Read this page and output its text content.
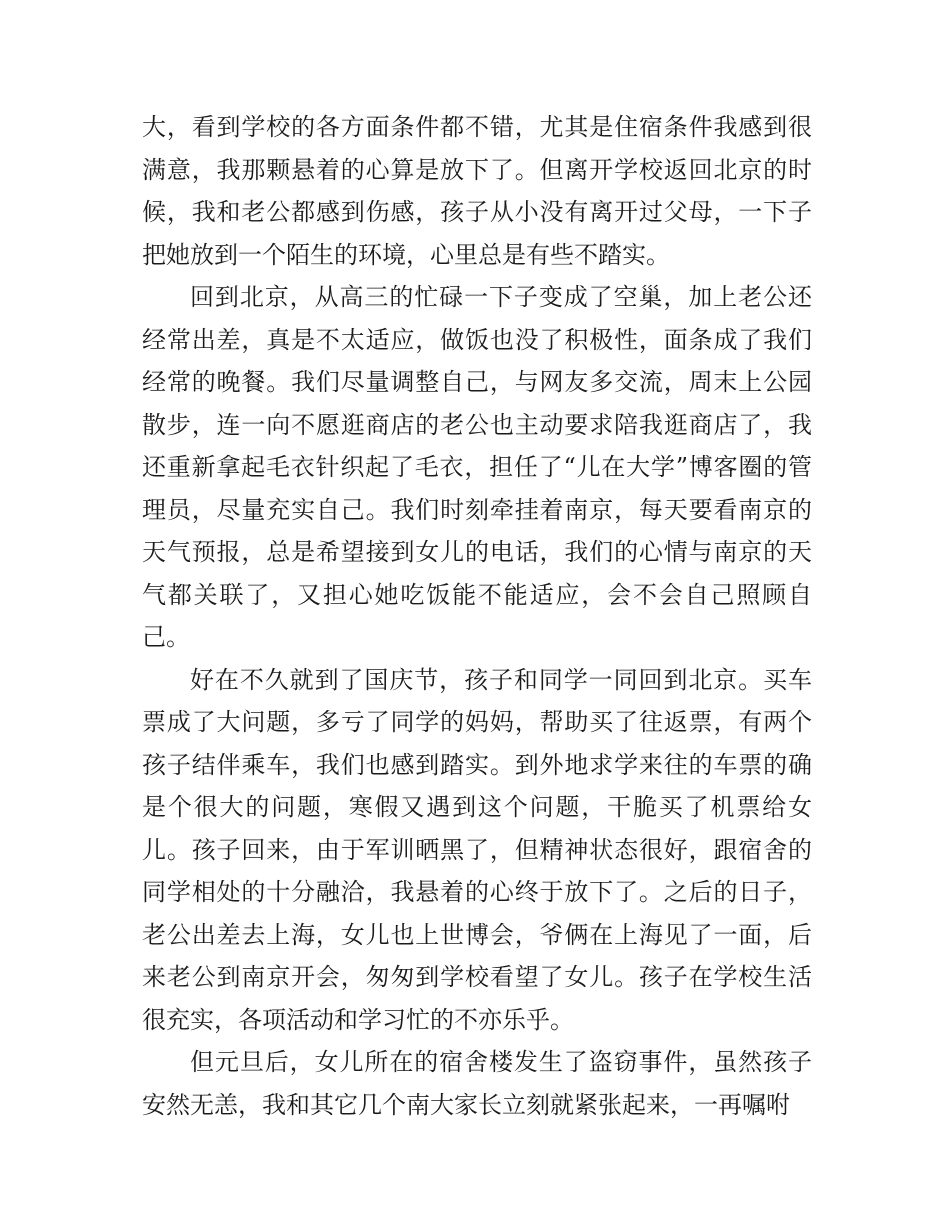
大，看到学校的各方面条件都不错，尤其是住宿条件我感到很满意，我那颗悬着的心算是放下了。但离开学校返回北京的时候，我和老公都感到伤感，孩子从小没有离开过父母，一下子把她放到一个陌生的环境，心里总是有些不踏实。

回到北京，从高三的忙碌一下子变成了空巢，加上老公还经常出差，真是不太适应，做饭也没了积极性，面条成了我们经常的晚餐。我们尽量调整自己，与网友多交流，周末上公园散步，连一向不愿逛商店的老公也主动要求陪我逛商店了，我还重新拿起毛衣针织起了毛衣，担任了“儿在大学”博客圈的管理员，尽量充实自己。我们时刻牵挂着南京，每天要看南京的天气预报，总是希望接到女儿的电话，我们的心情与南京的天气都关联了，又担心她吃饭能不能适应，会不会自己照顾自己。

好在不久就到了国庆节，孩子和同学一同回到北京。买车票成了大问题，多亏了同学的妈妈，帮助买了往返票，有两个孩子结伴乘车，我们也感到踏实。到外地求学来往的车票的确是个很大的问题，寒假又遇到这个问题，干脆买了机票给女儿。孩子回来，由于军训晒黑了，但精神状态很好，跟宿舍的同学相处的十分融洽，我悬着的心终于放下了。之后的日子，老公出差去上海，女儿也上世博会，爷俩在上海见了一面，后来老公到南京开会，匆匆到学校看望了女儿。孩子在学校生活很充实，各项活动和学习忙的不亦乐乎。

但元旦后，女儿所在的宿舍楼发生了盗窃事件，虽然孩子安然无恙，我和其它几个南大家长立刻就紧张起来，一再嘱咐
